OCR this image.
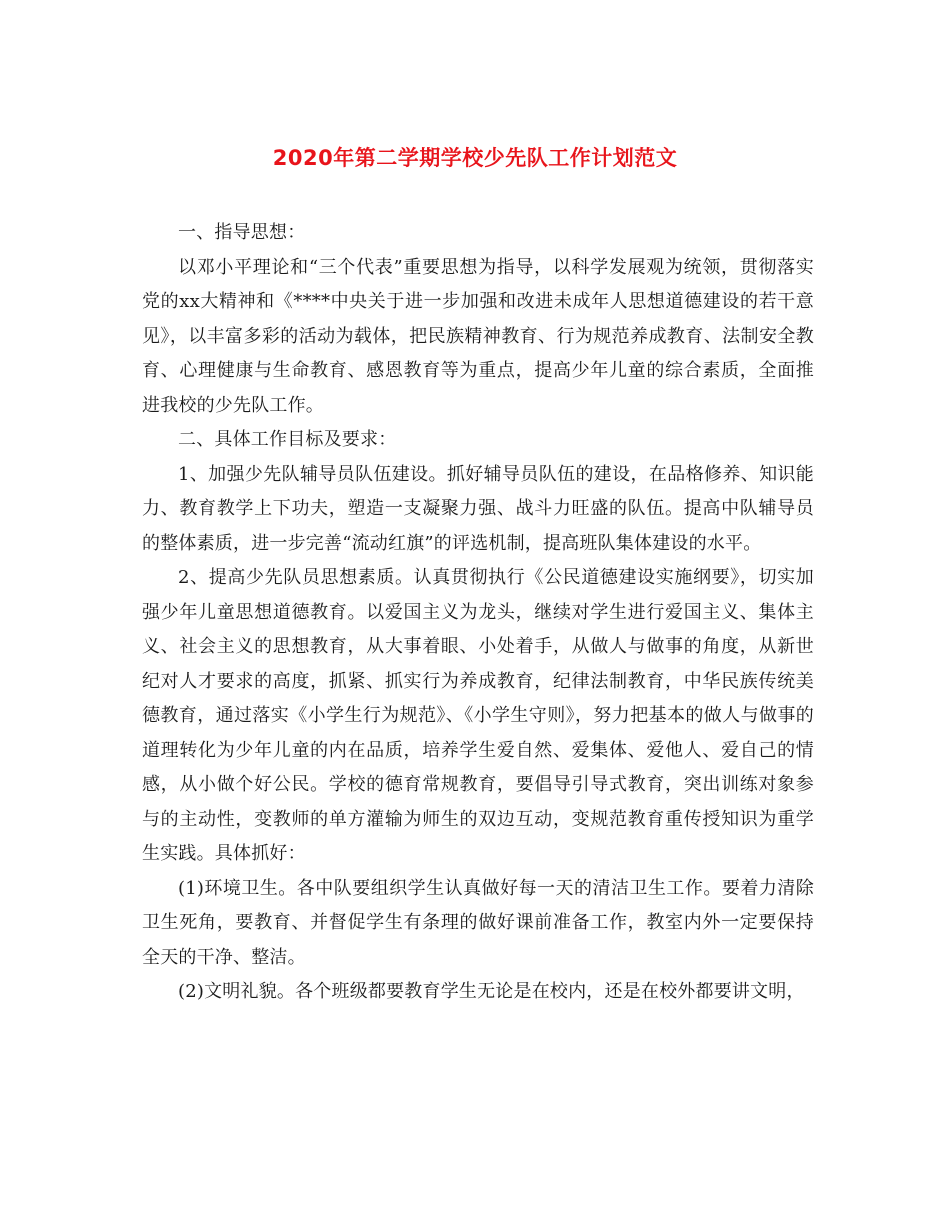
2020年第二学期学校少先队工作计划范文

一、指导思想：

以邓小平理论和“三个代表”重要思想为指导，以科学发展观为统领，贯彻落实党的xx大精神和《****中央关于进一步加强和改进未成年人思想道德建设的若干意见》，以丰富多彩的活动为载体，把民族精神教育、行为规范养成教育、法制安全教育、心理健康与生命教育、感恩教育等为重点，提高少年儿童的综合素质，全面推进我校的少先队工作。

二、具体工作目标及要求：

1、加强少先队辅导员队伍建设。抓好辅导员队伍的建设，在品格修养、知识能力、教育教学上下功夫，塑造一支凝聚力强、战斗力旺盛的队伍。提高中队辅导员的整体素质，进一步完善“流动红旗”的评选机制，提高班队集体建设的水平。

2、提高少先队员思想素质。认真贯彻执行《公民道德建设实施纲要》，切实加强少年儿童思想道德教育。以爱国主义为龙头，继续对学生进行爱国主义、集体主义、社会主义的思想教育，从大事着眼、小处着手，从做人与做事的角度，从新世纪对人才要求的高度，抓紧、抓实行为养成教育，纪律法制教育，中华民族传统美德教育，通过落实《小学生行为规范》、《小学生守则》，努力把基本的做人与做事的道理转化为少年儿童的内在品质，培养学生爱自然、爱集体、爱他人、爱自己的情感，从小做个好公民。学校的德育常规教育，要倡导引导式教育，突出训练对象参与的主动性，变教师的单方灌输为师生的双边互动，变规范教育重传授知识为重学生实践。具体抓好：

(1)环境卫生。各中队要组织学生认真做好每一天的清洁卫生工作。要着力清除卫生死角，要教育、并督促学生有条理的做好课前准备工作，教室内外一定要保持全天的干净、整洁。

(2)文明礼貌。各个班级都要教育学生无论是在校内，还是在校外都要讲文明，
